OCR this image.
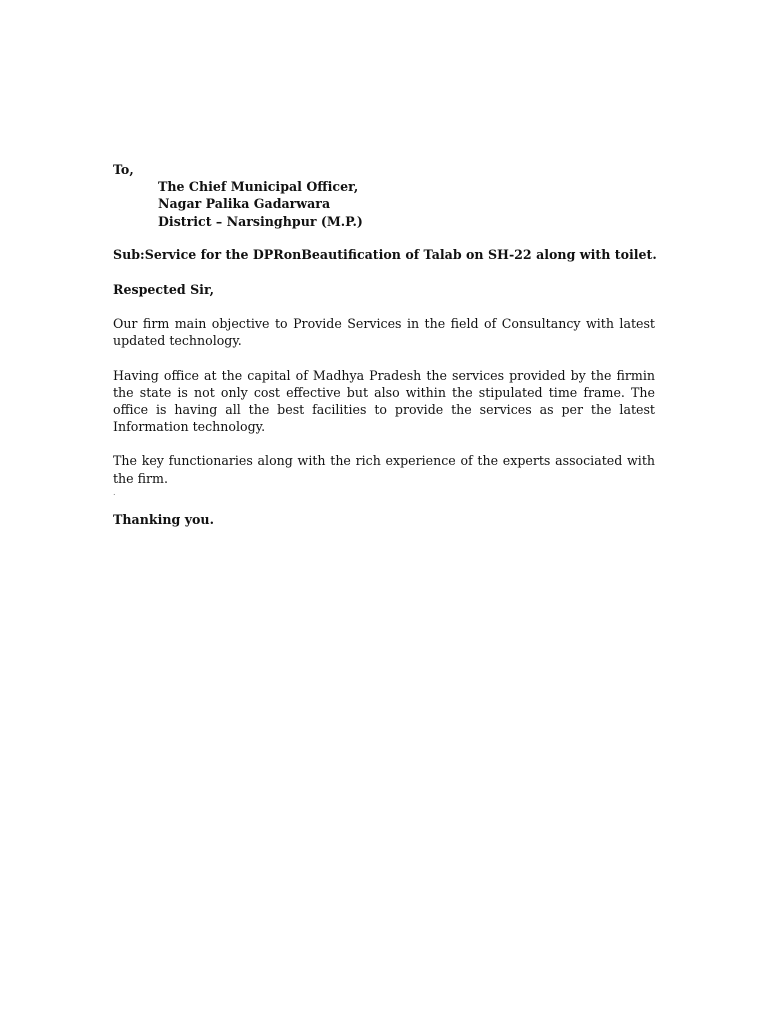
To,
The Chief Municipal Officer,
Nagar Palika Gadarwara
District – Narsinghpur (M.P.)
Sub: Service for the DPRonBeautification of Talab on SH-22 along with toilet.
Respected Sir,

Our firm main objective to Provide Services in the field of Consultancy with latest updated technology.

Having office at the capital of Madhya Pradesh the services provided by the firmin the state is not only cost effective but also within the stipulated time frame. The office is having all the best facilities to provide the services as per the latest Information technology.

The key functionaries along with the rich experience of the experts associated with the firm.

.
Thanking you.
